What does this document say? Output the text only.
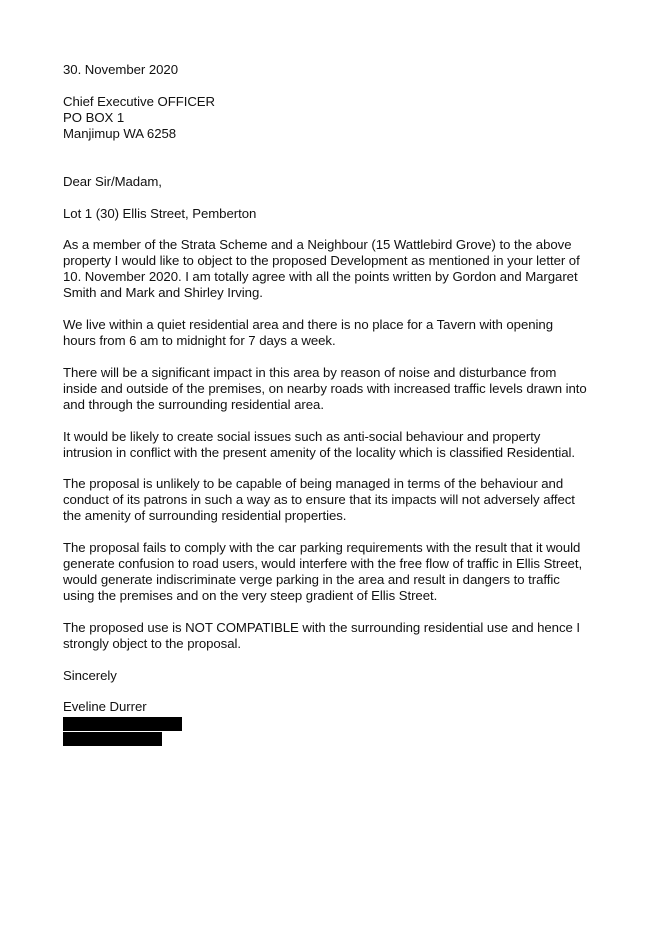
30. November 2020
Chief Executive OFFICER
PO BOX 1
Manjimup WA 6258
Dear Sir/Madam,
Lot 1 (30) Ellis Street, Pemberton
As a member of the Strata Scheme and a Neighbour (15 Wattlebird Grove) to the above
property I would like to object to the proposed Development as mentioned in your letter of
10. November 2020. I am totally agree with all the points written by Gordon and Margaret
Smith and Mark and Shirley Irving.
We live within a quiet residential area and there is no place for a Tavern with opening
hours from 6 am to midnight for 7 days a week.
There will be a significant impact in this area by reason of noise and disturbance from
inside and outside of the premises, on nearby roads with increased traffic levels drawn into
and through the surrounding residential area.
It would be likely to create social issues such as anti-social behaviour and property
intrusion in conflict with the present amenity of the locality which is classified Residential.
The proposal is unlikely to be capable of being managed in terms of the behaviour and
conduct of its patrons in such a way as to ensure that its impacts will not adversely affect
the amenity of surrounding residential properties.
The proposal fails to comply with the car parking requirements with the result that it would
generate confusion to road users, would interfere with the free flow of traffic in Ellis Street,
would generate indiscriminate verge parking in the area and result in dangers to traffic
using the premises and on the very steep gradient of Ellis Street.
The proposed use is NOT COMPATIBLE with the surrounding residential use and hence I
strongly object to the proposal.
Sincerely
Eveline Durrer
